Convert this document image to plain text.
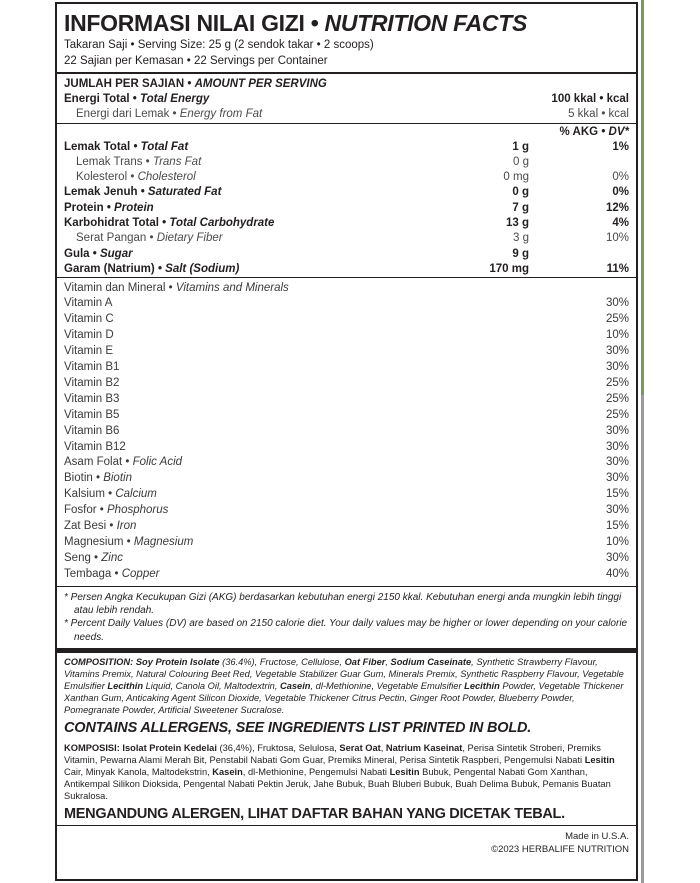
INFORMASI NILAI GIZI • NUTRITION FACTS
Takaran Saji • Serving Size: 25 g (2 sendok takar • 2 scoops)
22 Sajian per Kemasan • 22 Servings per Container
JUMLAH PER SAJIAN • AMOUNT PER SERVING
Energi Total • Total Energy	100 kkal • kcal
Energi dari Lemak • Energy from Fat	5 kkal • kcal
% AKG • DV*
Lemak Total • Total Fat	1 g	1%
Lemak Trans • Trans Fat	0 g
Kolesterol • Cholesterol	0 mg	0%
Lemak Jenuh • Saturated Fat	0 g	0%
Protein • Protein	7 g	12%
Karbohidrat Total • Total Carbohydrate	13 g	4%
Serat Pangan • Dietary Fiber	3 g	10%
Gula • Sugar	9 g
Garam (Natrium) • Salt (Sodium)	170 mg	11%
Vitamin dan Mineral • Vitamins and Minerals
Vitamin A	30%
Vitamin C	25%
Vitamin D	10%
Vitamin E	30%
Vitamin B1	30%
Vitamin B2	25%
Vitamin B3	25%
Vitamin B5	25%
Vitamin B6	30%
Vitamin B12	30%
Asam Folat • Folic Acid	30%
Biotin • Biotin	30%
Kalsium • Calcium	15%
Fosfor • Phosphorus	30%
Zat Besi • Iron	15%
Magnesium • Magnesium	10%
Seng • Zinc	30%
Tembaga • Copper	40%

* Persen Angka Kecukupan Gizi (AKG) berdasarkan kebutuhan energi 2150 kkal. Kebutuhan energi anda mungkin lebih tinggi atau lebih rendah.

* Percent Daily Values (DV) are based on 2150 calorie diet. Your daily values may be higher or lower depending on your calorie needs.

COMPOSITION: Soy Protein Isolate (36.4%), Fructose, Cellulose, Oat Fiber, Sodium Caseinate, Synthetic Strawberry Flavour, Vitamins Premix, Natural Colouring Beet Red, Vegetable Stabilizer Guar Gum, Minerals Premix, Synthetic Raspberry Flavour, Vegetable Emulsifier Lecithin Liquid, Canola Oil, Maltodextrin, Casein, dl-Methionine, Vegetable Emulsifier Lecithin Powder, Vegetable Thickener Xanthan Gum, Anticaking Agent Silicon Dioxide, Vegetable Thickener Citrus Pectin, Ginger Root Powder, Blueberry Powder, Pomegranate Powder, Artificial Sweetener Sucralose.
CONTAINS ALLERGENS, SEE INGREDIENTS LIST PRINTED IN BOLD.
KOMPOSISI: Isolat Protein Kedelai (36,4%), Fruktosa, Selulosa, Serat Oat, Natrium Kaseinat, Perisa Sintetik Stroberi, Premiks Vitamin, Pewarna Alami Merah Bit, Penstabil Nabati Gom Guar, Premiks Mineral, Perisa Sintetik Raspberi, Pengemulsi Nabati Lesitin Cair, Minyak Kanola, Maltodekstrin, Kasein, dl-Methionine, Pengemulsi Nabati Lesitin Bubuk, Pengental Nabati Gom Xanthan, Antikempal Silikon Dioksida, Pengental Nabati Pektin Jeruk, Jahe Bubuk, Buah Bluberi Bubuk, Buah Delima Bubuk, Pemanis Buatan Sukralosa.
MENGANDUNG ALERGEN, LIHAT DAFTAR BAHAN YANG DICETAK TEBAL.
Made in U.S.A.
©2023 HERBALIFE NUTRITION
